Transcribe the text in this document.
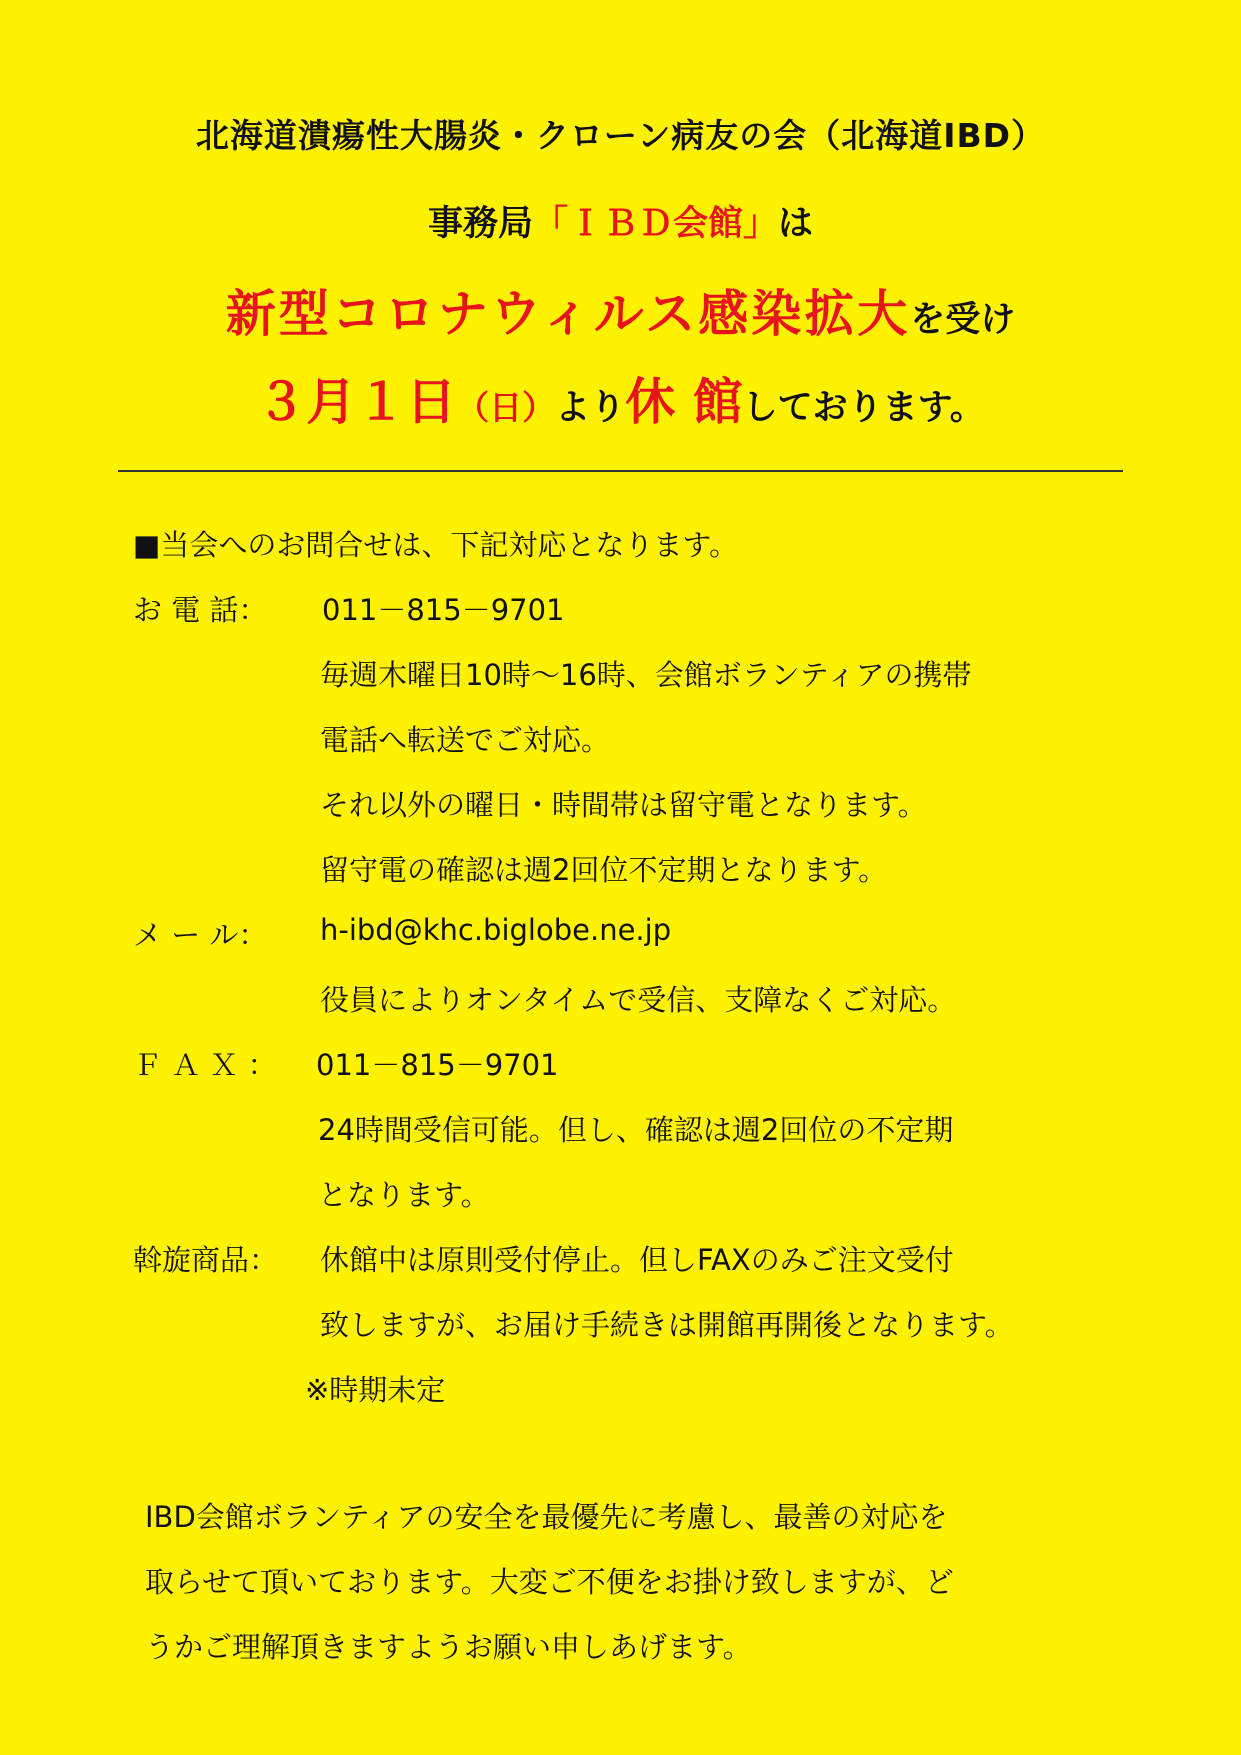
北海道潰瘍性大腸炎・クローン病友の会（北海道IBD）
事務局「ＩＢＤ会館」は
新型コロナウィルス感染拡大を受け
３月１日（日）より休 館しております。
■当会へのお問合せは、下記対応となります。
お 電 話： 011－815－9701
毎週木曜日10時～16時、会館ボランティアの携帯
電話へ転送でご対応。
それ以外の曜日・時間帯は留守電となります。
留守電の確認は週2回位不定期となります。
メ ー ル： h-ibd@khc.biglobe.ne.jp
役員によりオンタイムで受信、支障なくご対応。
Ｆ Ａ Ｘ ： 011－815－9701
24時間受信可能。但し、確認は週2回位の不定期
となります。
斡旋商品： 休館中は原則受付停止。但しFAXのみご注文受付
致しますが、お届け手続きは開館再開後となります。
※時期未定
IBD会館ボランティアの安全を最優先に考慮し、最善の対応を
取らせて頂いております。大変ご不便をお掛け致しますが、ど
うかご理解頂きますようお願い申しあげます。
